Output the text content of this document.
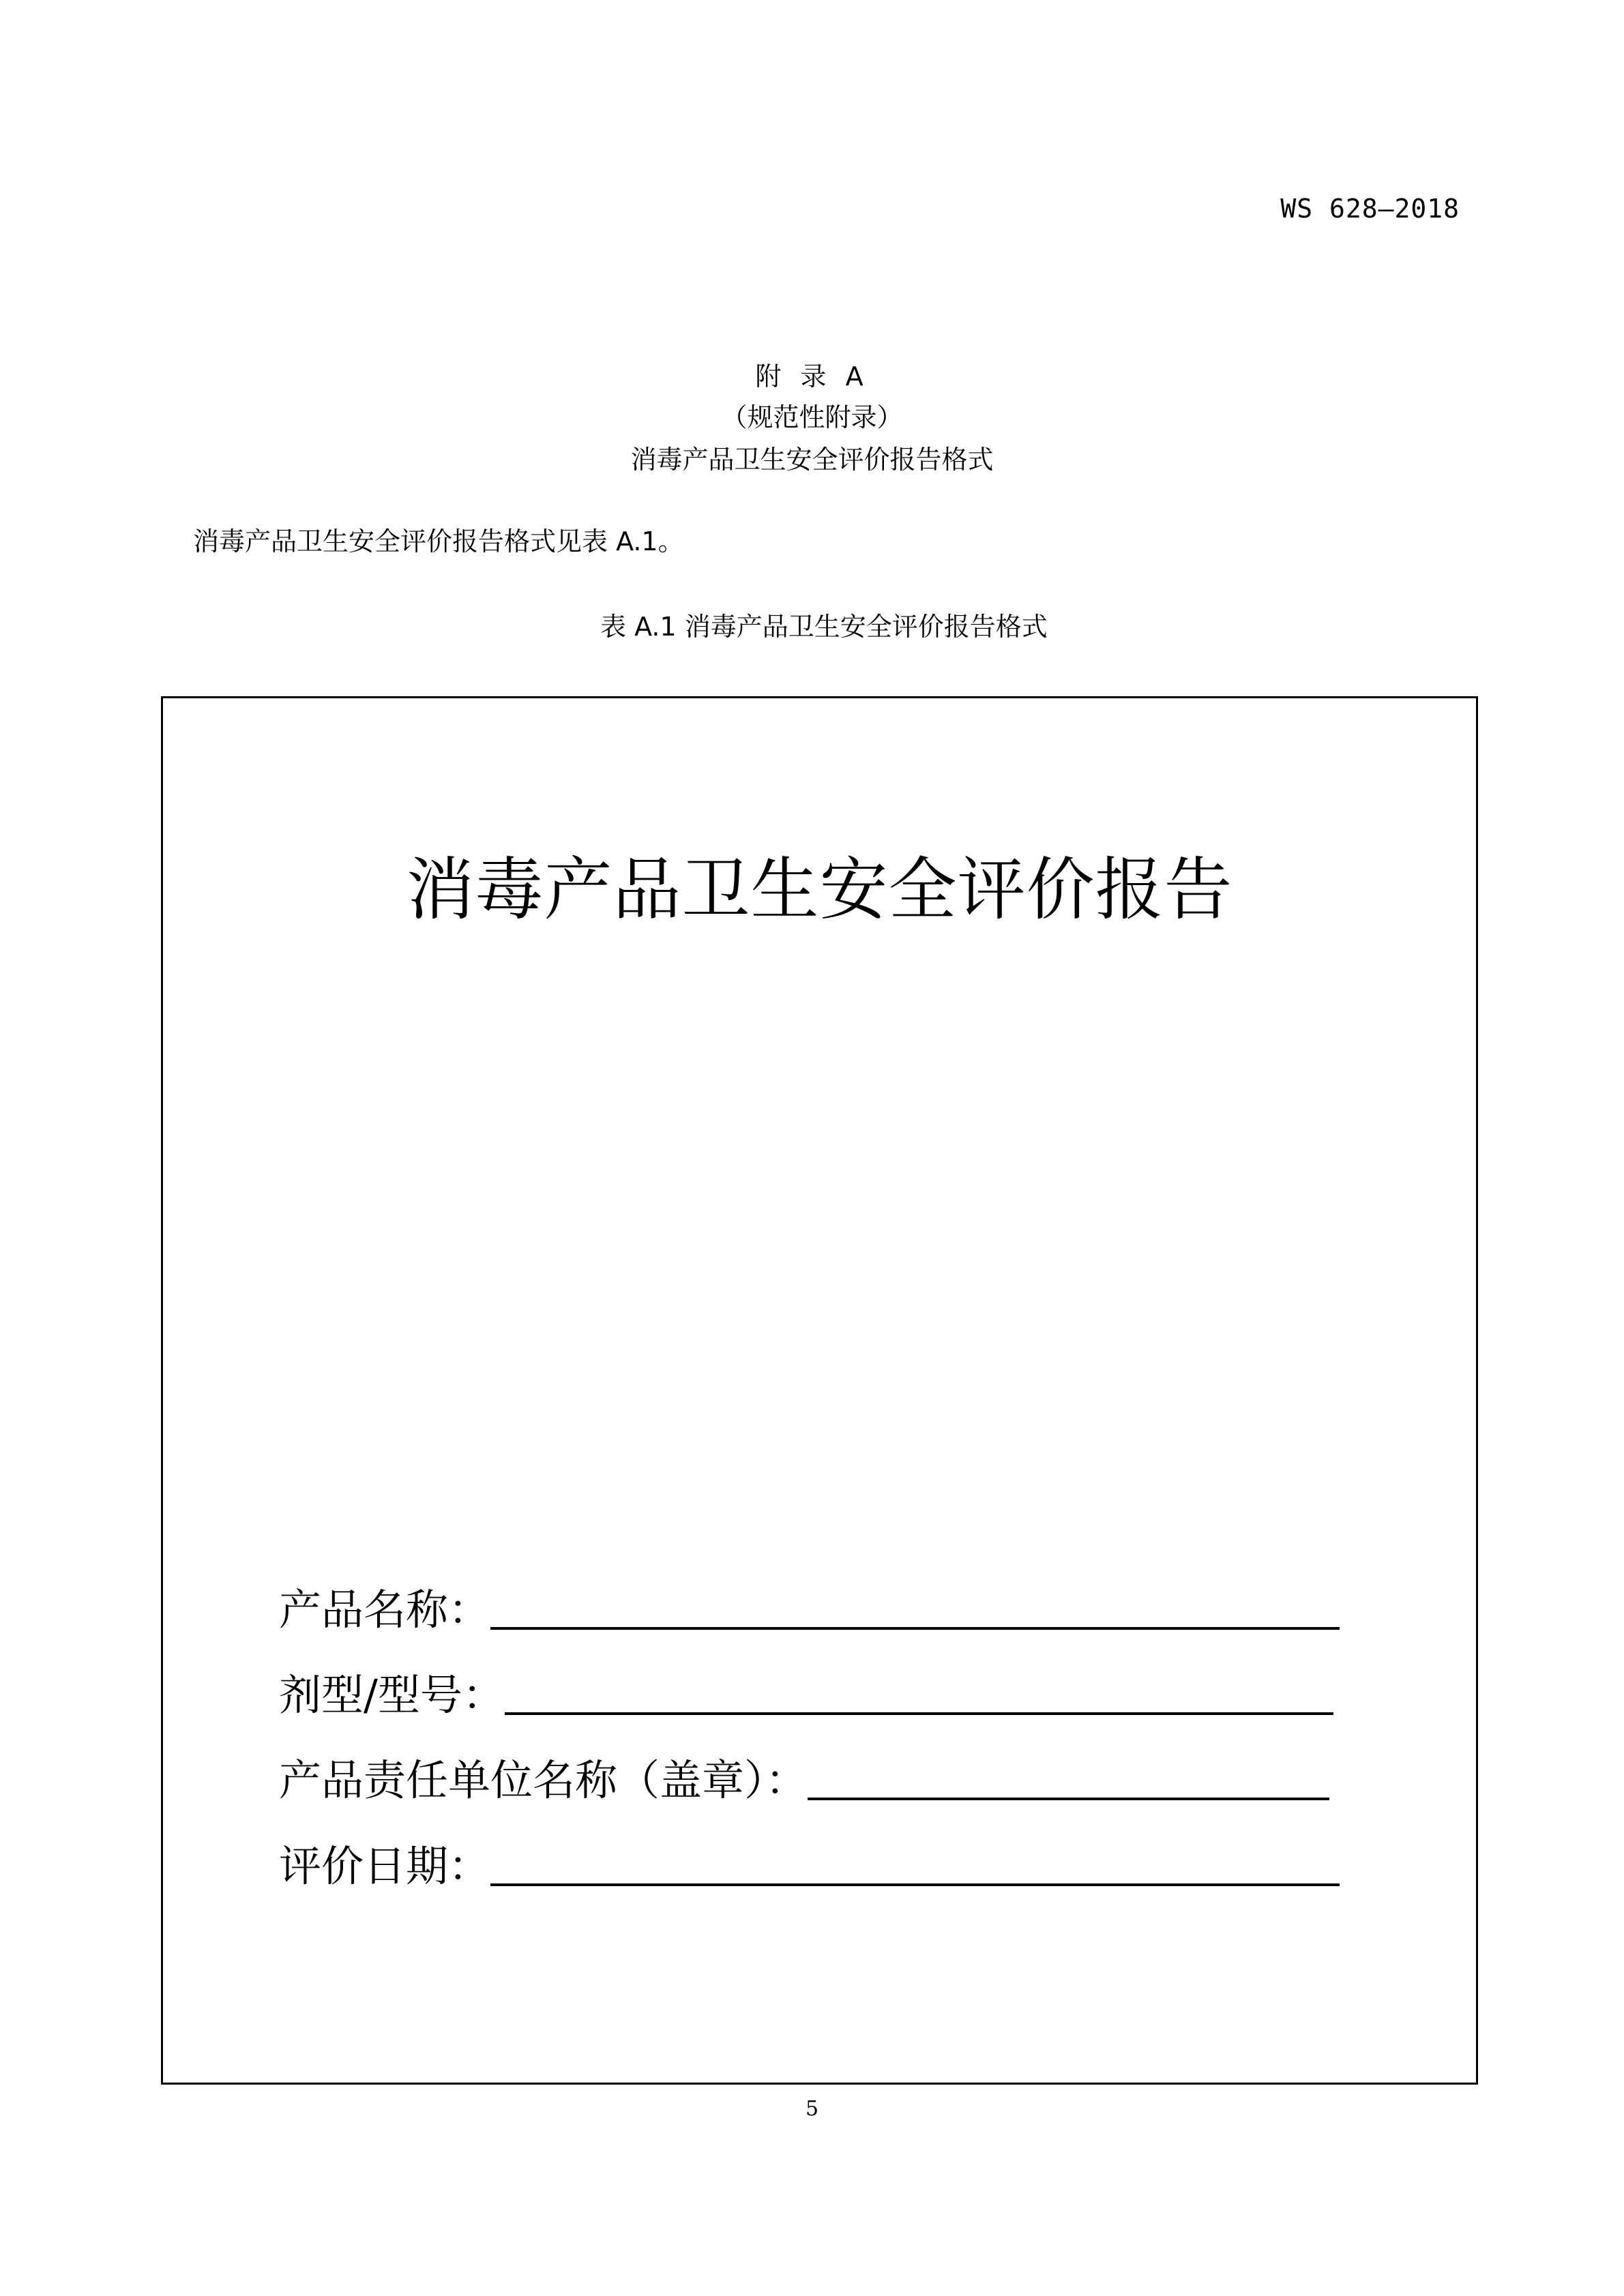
WS 628—2018
附 录 A
（规范性附录）
消毒产品卫生安全评价报告格式
消毒产品卫生安全评价报告格式见表 A.1。
表 A.1 消毒产品卫生安全评价报告格式
消毒产品卫生安全评价报告
产品名称：
剂型/型号：
产品责任单位名称（盖章）：
评价日期：
5
